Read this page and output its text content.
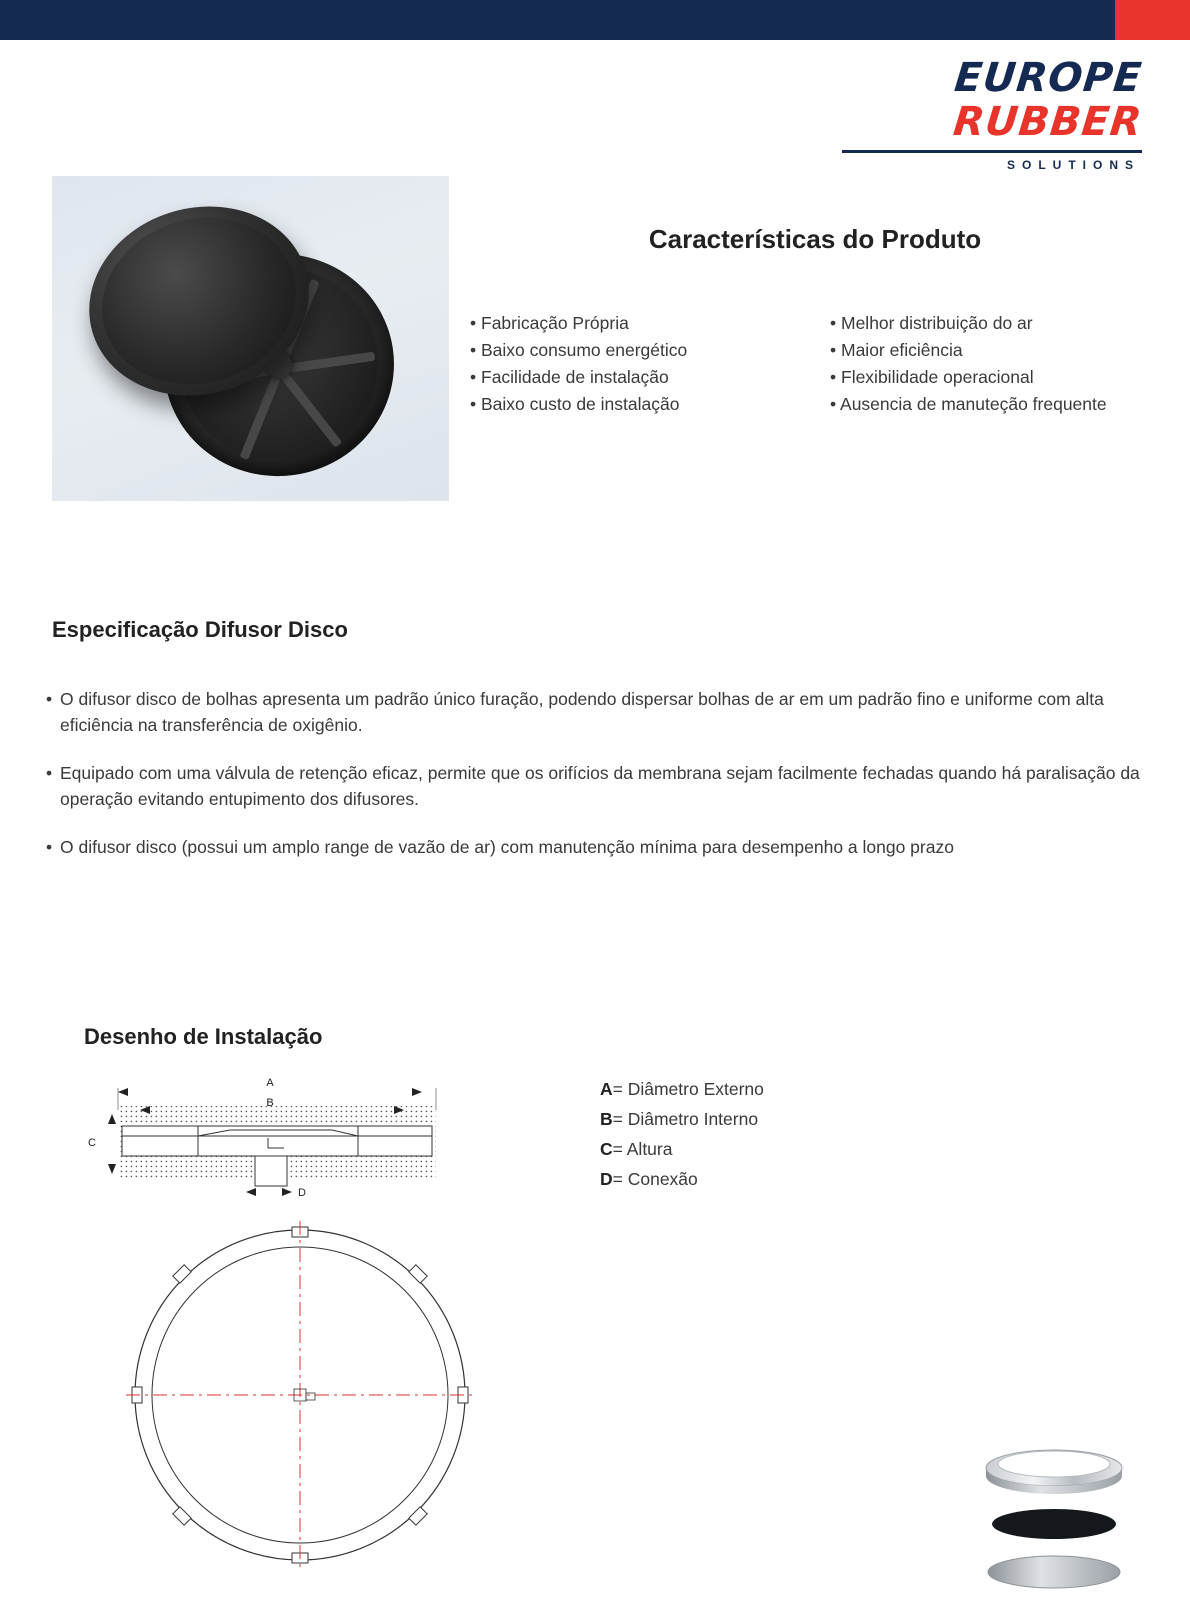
EUROPE
RUBBER
SOLUTIONS
Características do Produto
• Fabricação Própria
• Baixo consumo energético
• Facilidade de instalação
• Baixo custo de instalação
• Melhor distribuição do ar
• Maior eficiência
• Flexibilidade operacional
• Ausencia de manuteção frequente
Especificação Difusor Disco
• O difusor disco de bolhas apresenta um padrão único furação, podendo dispersar bolhas de ar em um padrão fino e uniforme com alta eficiência na transferência de oxigênio.
• Equipado com uma válvula de retenção eficaz, permite que os orifícios da membrana sejam facilmente fechadas quando há paralisação da operação evitando entupimento dos difusores.
• O difusor disco (possui um amplo range de vazão de ar) com manutenção mínima para desempenho a longo prazo
Desenho de Instalação
A
B
C
D
A= Diâmetro Externo
B= Diâmetro Interno
C= Altura
D= Conexão
